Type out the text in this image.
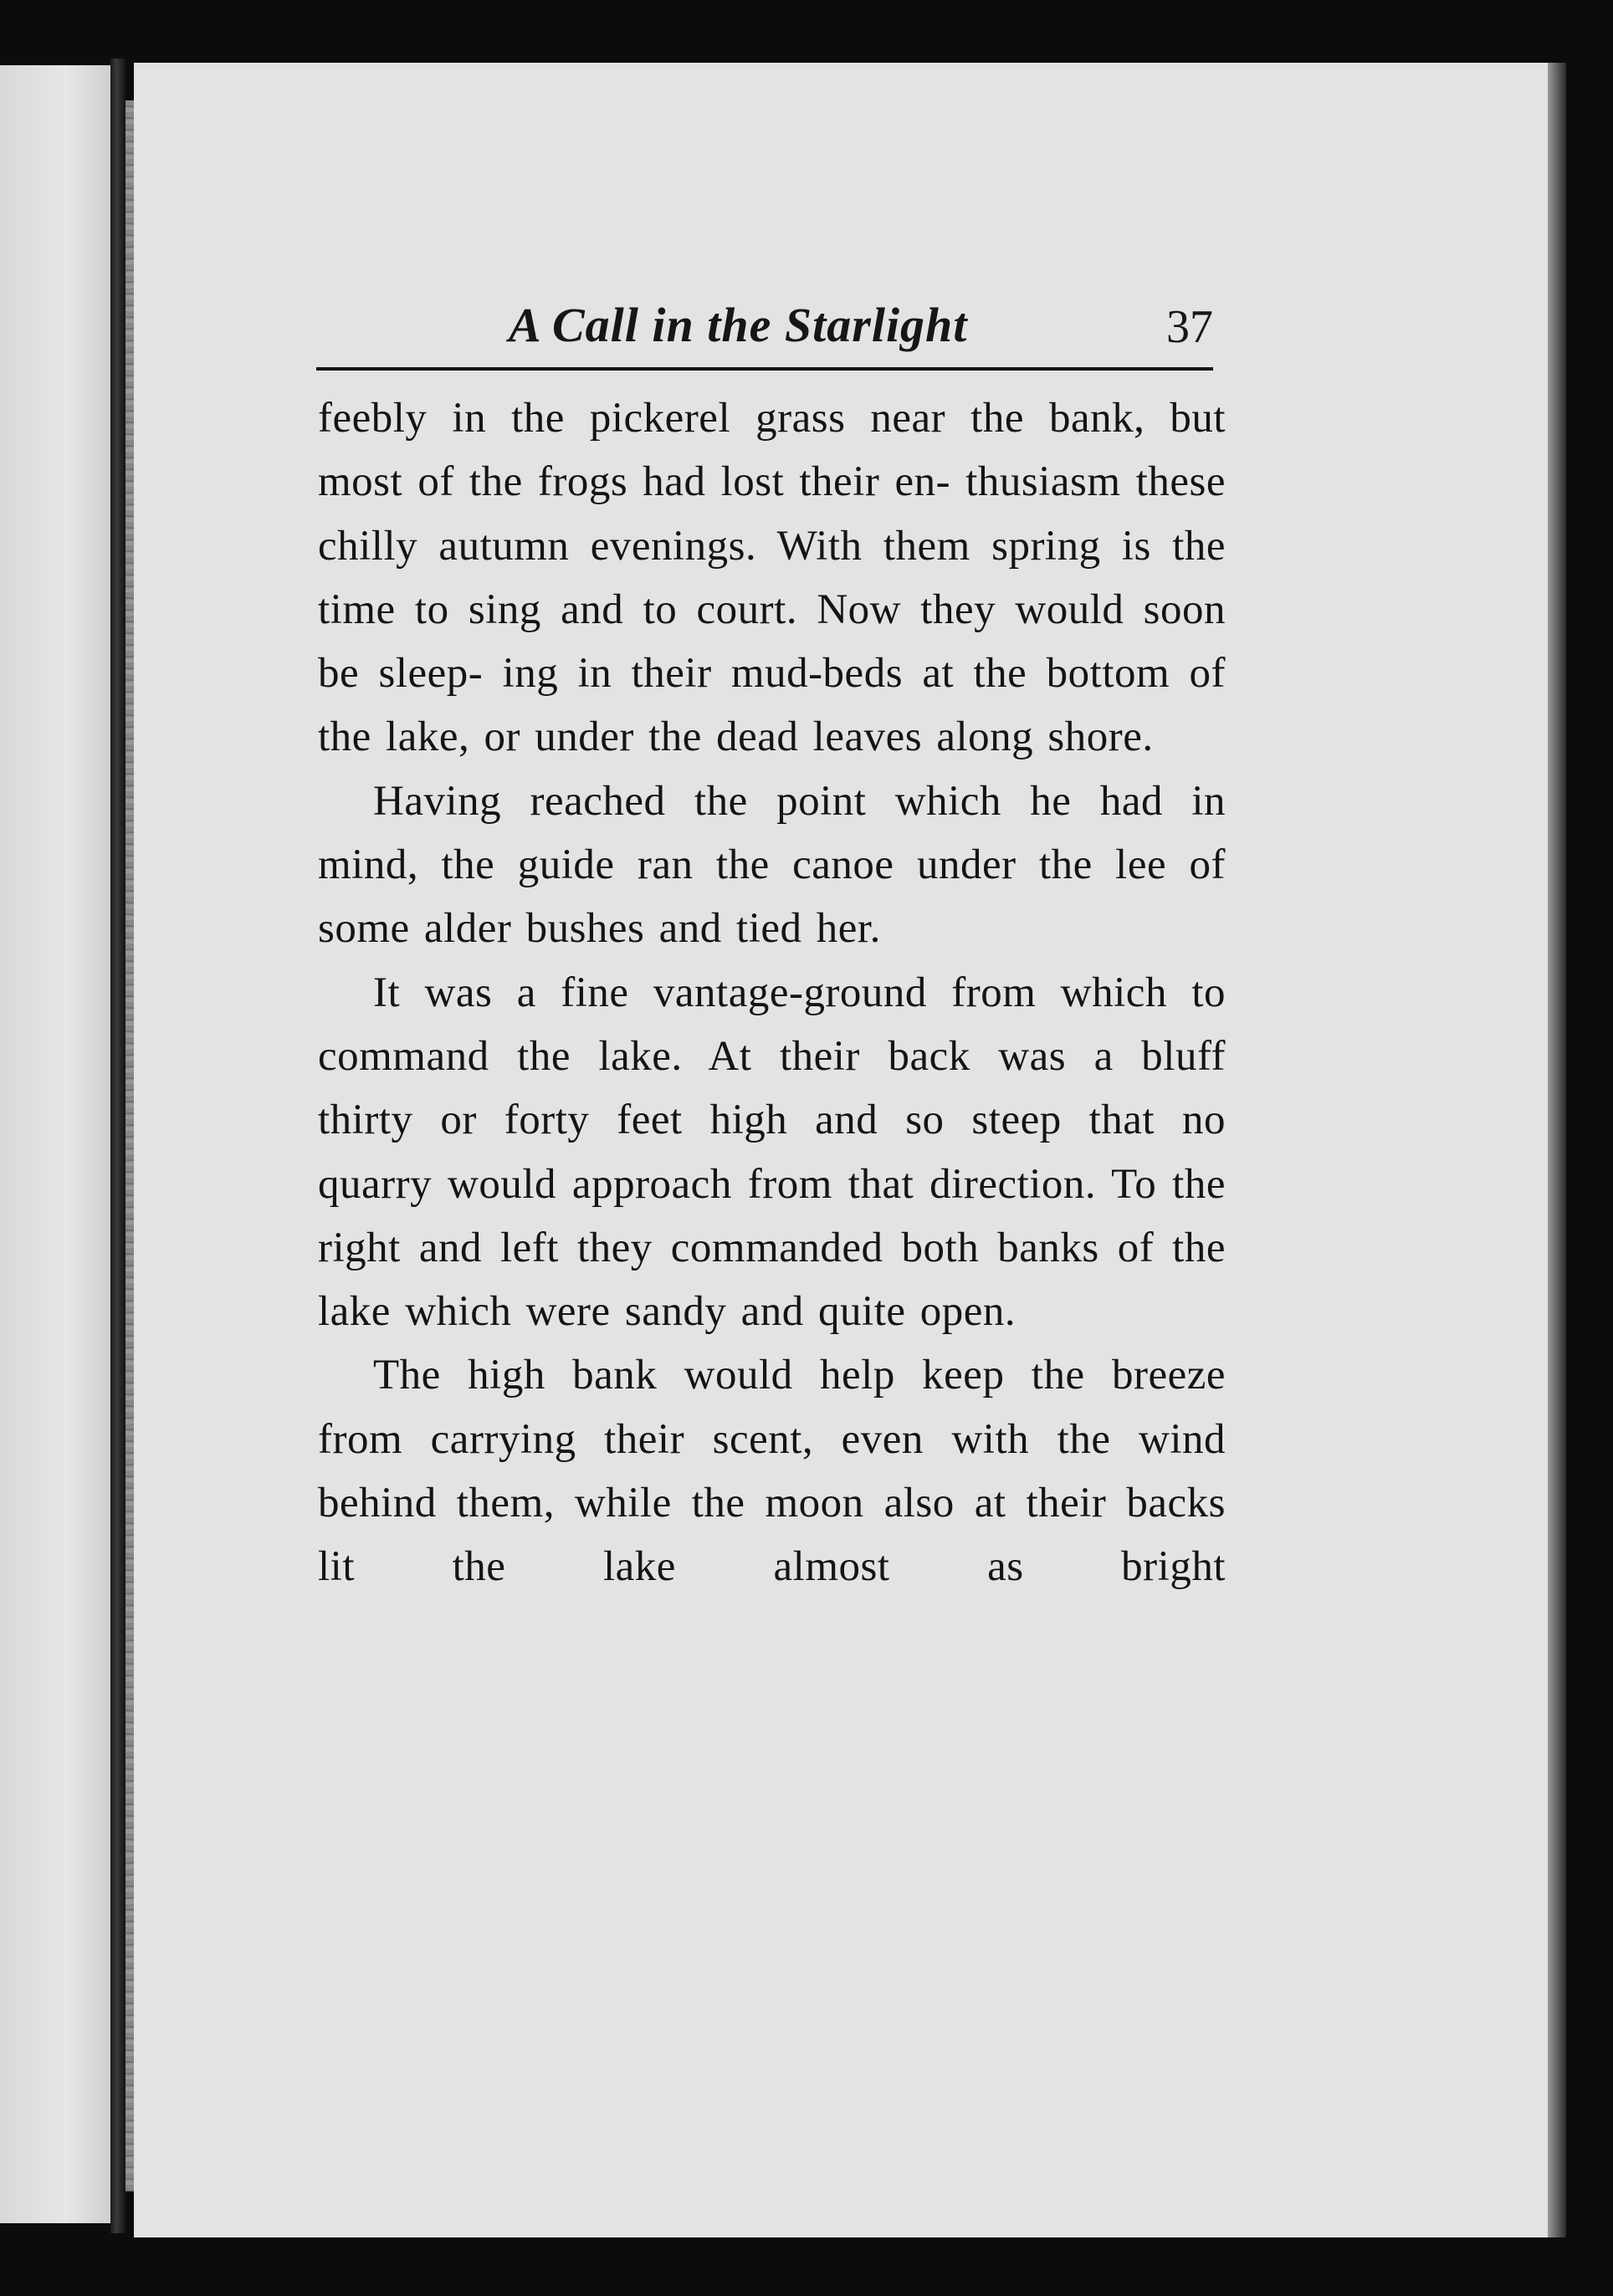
A Call in the Starlight	37

feebly in the pickerel grass near the bank, but most of the frogs had lost their en- thusiasm these chilly autumn evenings. With them spring is the time to sing and to court. Now they would soon be sleep- ing in their mud-beds at the bottom of the lake, or under the dead leaves along shore.

Having reached the point which he had in mind, the guide ran the canoe under the lee of some alder bushes and tied her.

It was a fine vantage-ground from which to command the lake. At their back was a bluff thirty or forty feet high and so steep that no quarry would approach from that direction. To the right and left they commanded both banks of the lake which were sandy and quite open.

The high bank would help keep the breeze from carrying their scent, even with the wind behind them, while the moon also at their backs lit the lake almost as bright
